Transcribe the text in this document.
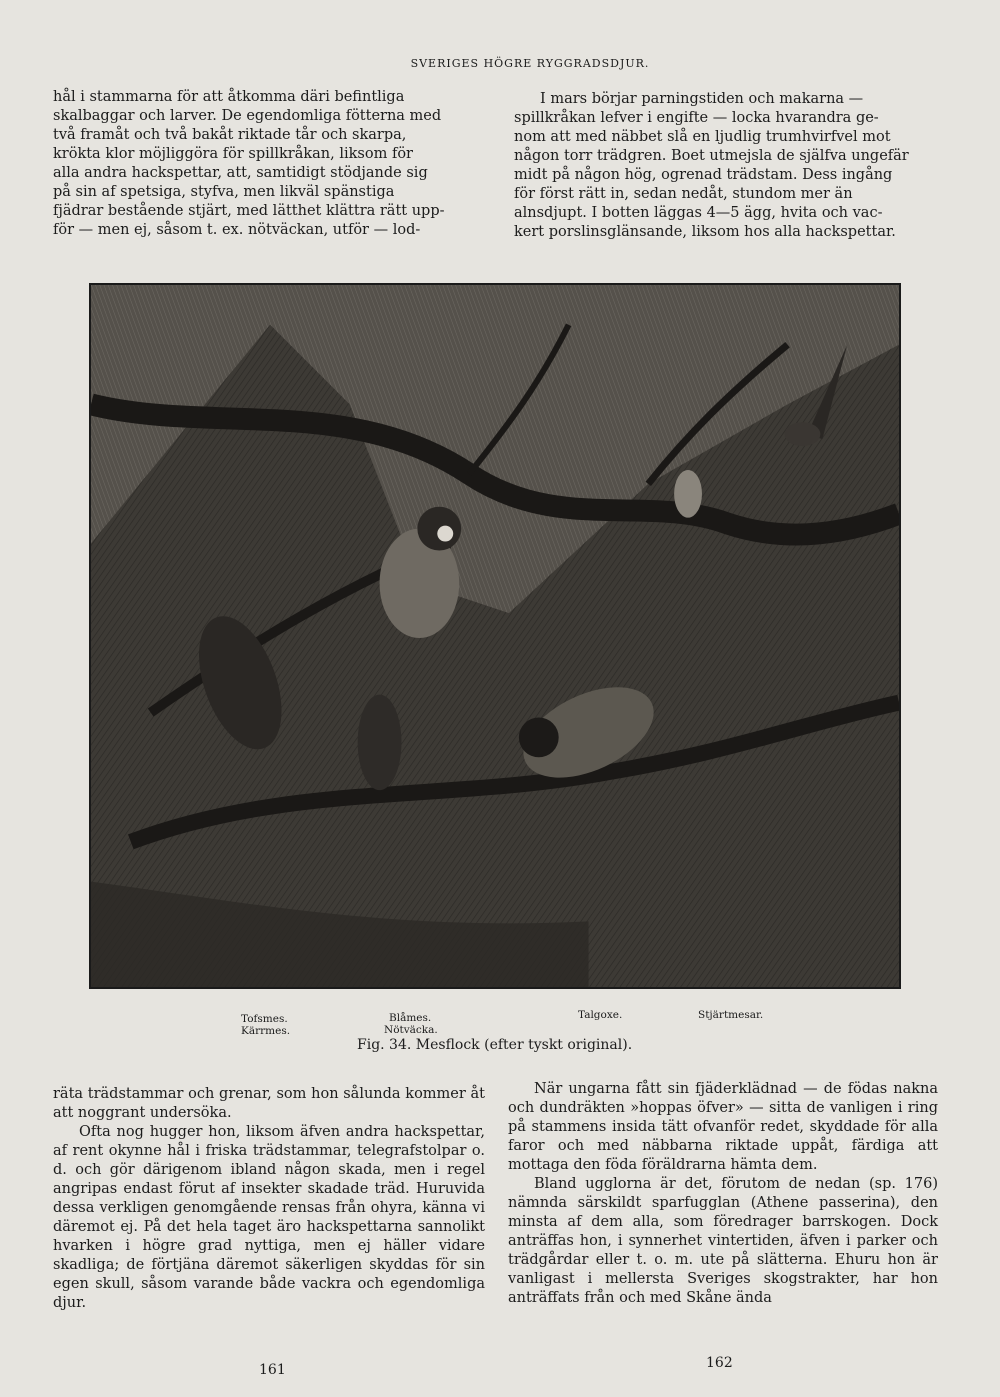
SVERIGES HÖGRE RYGGRADSDJUR.

hål i stammarna för att åtkomma däri befintliga

skalbaggar och larver. De egendomliga fötterna med

två framåt och två bakåt riktade tår och skarpa,

krökta klor möjliggöra för spillkråkan, liksom för

alla andra hackspettar, att, samtidigt stödjande sig

på sin af spetsiga, styfva, men likväl spänstiga

fjädrar bestående stjärt, med lätthet klättra rätt upp-

för — men ej, såsom t. ex. nötväckan, utför — lod-

I mars börjar parningstiden och makarna —

spillkråkan lefver i engifte — locka hvarandra ge-

nom att med näbbet slå en ljudlig trumhvirfvel mot

någon torr trädgren. Boet utmejsla de själfva ungefär

midt på någon hög, ogrenad trädstam. Dess ingång

för först rätt in, sedan nedåt, stundom mer än

alnsdjupt. I botten läggas 4—5 ägg, hvita och vac-

kert porslinsglänsande, liksom hos alla hackspettar.

Tofsmes.
Kärrmes.
Blåmes.
Nötväcka.
Talgoxe.	Stjärtmesar.
Fig. 34. Mesflock (efter tyskt original).

räta trädstammar och grenar, som hon sålunda kommer åt att noggrant undersöka.

Ofta nog hugger hon, liksom äfven andra hackspettar, af rent okynne hål i friska trädstammar, telegrafstolpar o. d. och gör därigenom ibland någon skada, men i regel angripas endast förut af insekter skadade träd. Huruvida dessa verkligen genomgående rensas från ohyra, känna vi däremot ej. På det hela taget äro hackspettarna sannolikt hvarken i högre grad nyttiga, men ej häller vidare skadliga; de förtjäna däremot säkerligen skyddas för sin egen skull, såsom varande både vackra och egendomliga djur.

När ungarna fått sin fjäderklädnad — de födas nakna och dundräkten »hoppas öfver» — sitta de vanligen i ring på stammens insida tätt ofvanför redet, skyddade för alla faror och med näbbarna riktade uppåt, färdiga att mottaga den föda föräldrarna hämta dem.

Bland ugglorna är det, förutom de nedan (sp. 176) nämnda särskildt sparfugglan (Athene passerina), den minsta af dem alla, som föredrager barrskogen. Dock anträffas hon, i synnerhet vintertiden, äfven i parker och trädgårdar eller t. o. m. ute på slätterna. Ehuru hon är vanligast i mellersta Sveriges skogstrakter, har hon anträffats från och med Skåne ända

161	162
